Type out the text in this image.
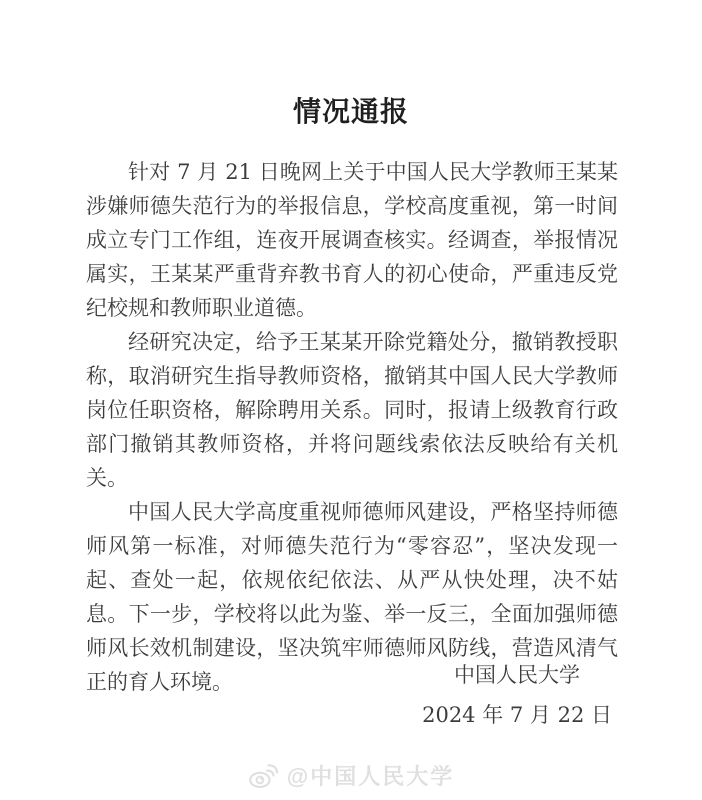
情况通报

针对 7 月 21 日晚网上关于中国人民大学教师王某某涉嫌师德失范行为的举报信息，学校高度重视，第一时间成立专门工作组，连夜开展调查核实。经调查，举报情况属实，王某某严重背弃教书育人的初心使命，严重违反党纪校规和教师职业道德。

经研究决定，给予王某某开除党籍处分，撤销教授职称，取消研究生指导教师资格，撤销其中国人民大学教师岗位任职资格，解除聘用关系。同时，报请上级教育行政部门撤销其教师资格，并将问题线索依法反映给有关机关。

中国人民大学高度重视师德师风建设，严格坚持师德师风第一标准，对师德失范行为“零容忍”，坚决发现一起、查处一起，依规依纪依法、从严从快处理，决不姑息。下一步，学校将以此为鉴、举一反三，全面加强师德师风长效机制建设，坚决筑牢师德师风防线，营造风清气正的育人环境。	中国人民大学
2024 年 7 月 22 日
@中国人民大学
